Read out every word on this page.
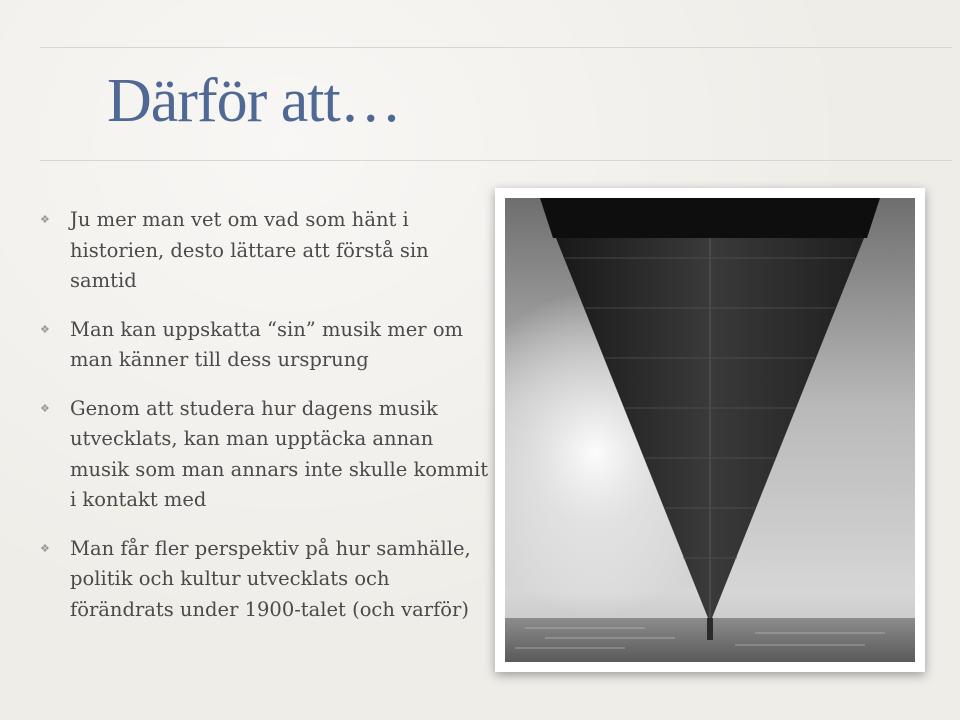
Därför att…
❖ Ju mer man vet om vad som hänt i historien, desto lättare att förstå sin samtid
❖ Man kan uppskatta “sin” musik mer om man känner till dess ursprung
❖ Genom att studera hur dagens musik utvecklats, kan man upptäcka annan musik som man annars inte skulle kommit i kontakt med
❖ Man får fler perspektiv på hur samhälle, politik och kultur utvecklats och förändrats under 1900-talet (och varför)
